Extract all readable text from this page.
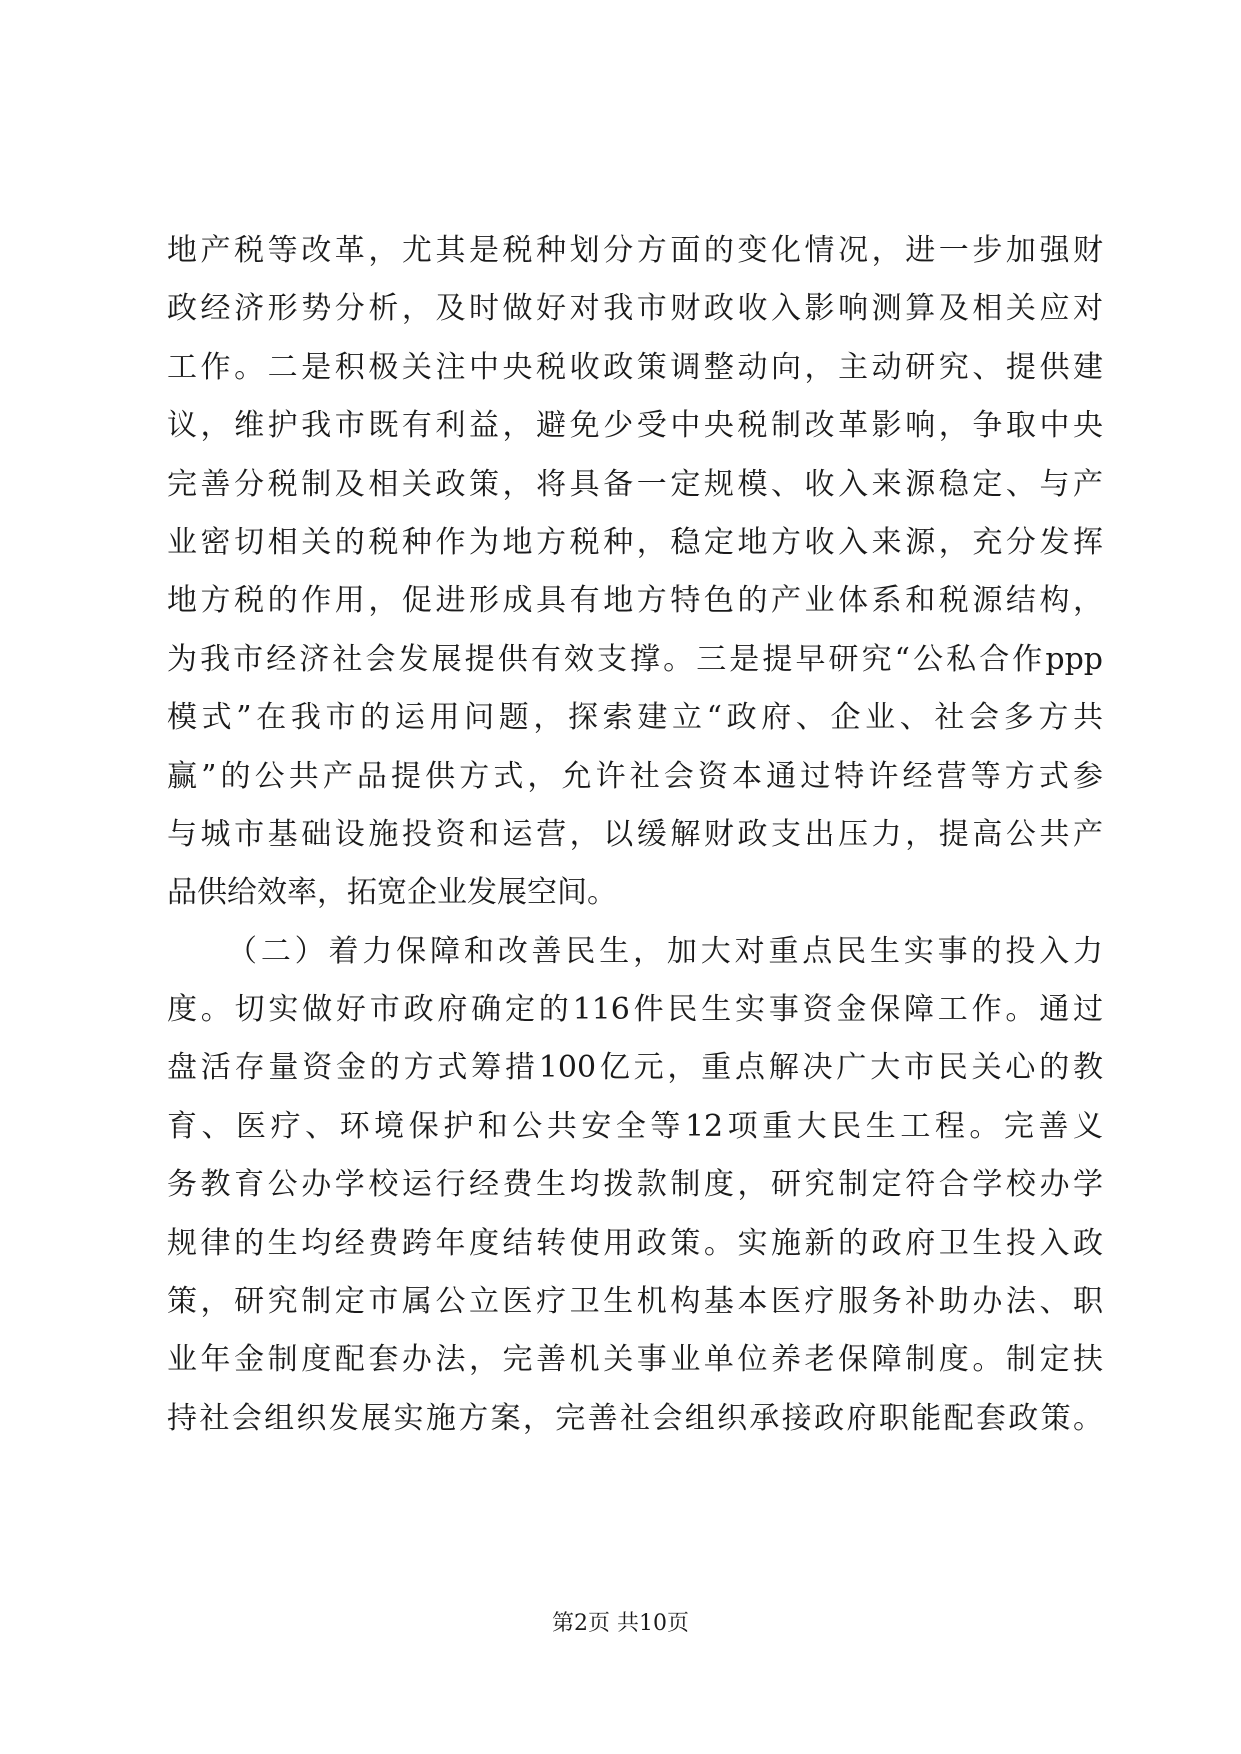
地产税等改革，尤其是税种划分方面的变化情况，进一步加强财
政经济形势分析，及时做好对我市财政收入影响测算及相关应对
工作。二是积极关注中央税收政策调整动向，主动研究、提供建
议，维护我市既有利益，避免少受中央税制改革影响，争取中央
完善分税制及相关政策，将具备一定规模、收入来源稳定、与产
业密切相关的税种作为地方税种，稳定地方收入来源，充分发挥
地方税的作用，促进形成具有地方特色的产业体系和税源结构，
为我市经济社会发展提供有效支撑。三是提早研究“公私合作ppp
模式”在我市的运用问题，探索建立“政府、企业、社会多方共
赢”的公共产品提供方式，允许社会资本通过特许经营等方式参
与城市基础设施投资和运营，以缓解财政支出压力，提高公共产
品供给效率，拓宽企业发展空间。
（二）着力保障和改善民生，加大对重点民生实事的投入力
度。切实做好市政府确定的116件民生实事资金保障工作。通过
盘活存量资金的方式筹措100亿元，重点解决广大市民关心的教
育、医疗、环境保护和公共安全等12项重大民生工程。完善义
务教育公办学校运行经费生均拨款制度，研究制定符合学校办学
规律的生均经费跨年度结转使用政策。实施新的政府卫生投入政
策，研究制定市属公立医疗卫生机构基本医疗服务补助办法、职
业年金制度配套办法，完善机关事业单位养老保障制度。制定扶
持社会组织发展实施方案，完善社会组织承接政府职能配套政策。
第2页 共10页
